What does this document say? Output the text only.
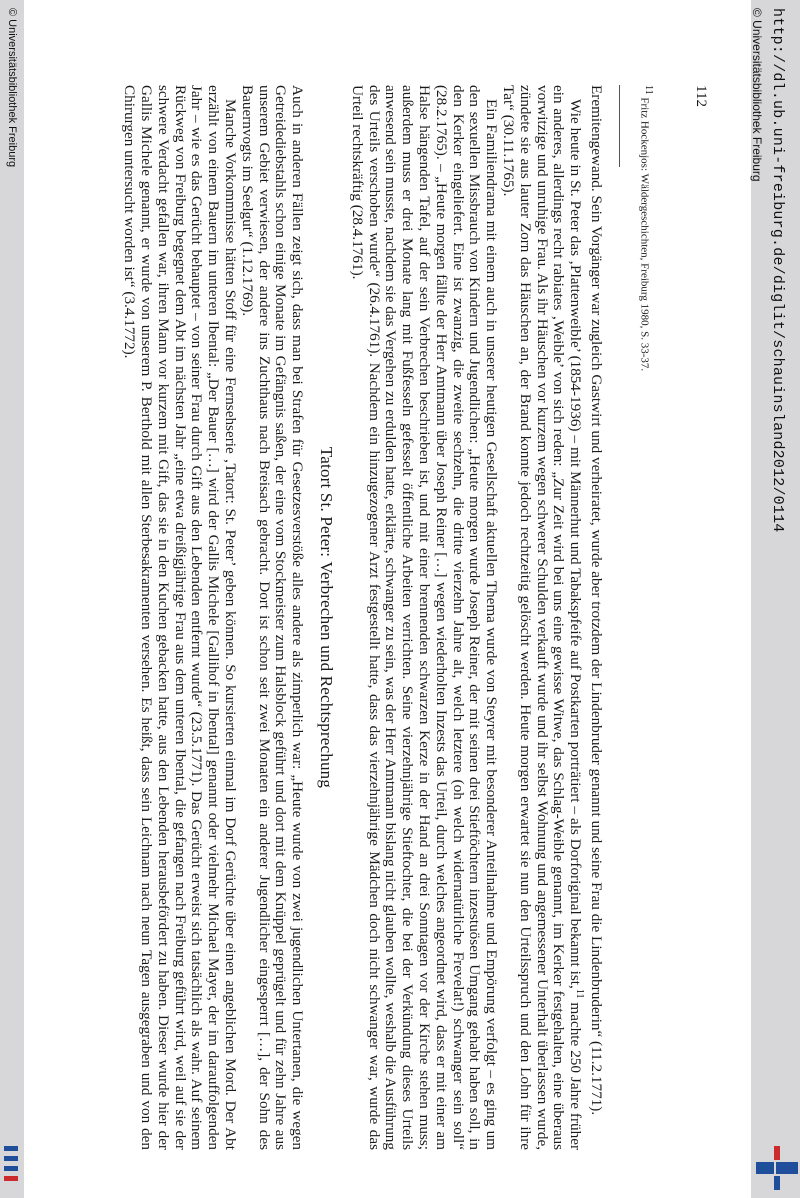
http://dl.ub.uni-freiburg.de/diglit/schauinsland2012/0114
© Universitätsbibliothek Freiburg
112
11 Fritz Hockenjos: Wäldergeschichten, Freiburg 1980, S. 33-37.

Eremitengewand. Sein Vorgänger war zugleich Gastwirt und verheiratet, wurde aber trotzdem der Lindenbruder genannt und seine Frau die Lindenbruderin“ (11.2.1771).

Wie heute in St. Peter das ‚Plattenweible’ (1854-1936) – mit Männerhut und Tabakspfeife auf Postkarten porträtiert – als Dorforiginal bekannt ist,$^{11}$ machte 250 Jahre früher ein anderes, allerdings recht rabiates ‚Weible’ von sich reden: „Zur Zeit wird bei uns eine gewisse Witwe, das Schlag-Weible genannt, im Kerker festgehalten, eine überaus vorwitzige und unruhige Frau. Als ihr Häuschen vor kurzem wegen schwerer Schulden verkauft wurde und ihr selbst Wohnung und angemessener Unterhalt überlassen wurde, zündete sie aus lauter Zorn das Häuschen an, der Brand konnte jedoch rechtzeitig gelöscht werden. Heute morgen erwartet sie nun den Urteilsspruch und den Lohn für ihre Tat“ (30.11.1765).

Ein Familiendrama mit einem auch in unserer heutigen Gesellschaft aktuellen Thema wurde von Steyrer mit besonderer Anteilnahme und Empörung verfolgt – es ging um den sexuellen Missbrauch von Kindern und Jugendlichen: „Heute morgen wurde Joseph Reiner, der mit seinen drei Stieftöchtern inzestuösen Umgang gehabt haben soll, in den Kerker eingeliefert. Eine ist zwanzig, die zweite sechzehn, die dritte vierzehn Jahre alt, welch letztere (oh welch widernatürliche Frevelat!) schwanger sein soll“ (28.2.1765). – „Heute morgen fällte der Herr Amtmann über Joseph Reiner […] wegen wiederholten Inzests das Urteil, durch welches angeordnet wird, dass er mit einer am Halse hängenden Tafel, auf der sein Verbrechen beschrieben ist, und mit einer brennenden schwarzen Kerze in der Hand an drei Sonntagen vor der Kirche stehen muss; außerdem muss er drei Monate lang mit Fußfesseln gefesselt öffentliche Arbeiten verrichten. Seine vierzehnjährige Stieftochter, die bei der Verkündung dieses Urteils anwesend sein musste, nachdem sie das Vergehen zu erdulden hatte, erklärte, schwanger zu sein, was der Herr Amtmann bislang nicht glauben wollte, weshalb die Ausführung des Urteils verschoben wurde“ (26.4.1761). Nachdem ein hinzugezogener Arzt festgestellt hatte, dass das vierzehnjährige Mädchen doch nicht schwanger war, wurde das Urteil rechtskräftig (28.4.1761).

Tatort St. Peter: Verbrechen und Rechtsprechung

Auch in anderen Fällen zeigt sich, dass man bei Strafen für Gesetzesverstöße alles andere als zimperlich war: „Heute wurde von zwei jugendlichen Untertanen, die wegen Getreidediebstahls schon einige Monate im Gefängnis saßen, der eine vom Stockmeister zum Halsblock geführt und dort mit dem Knüppel geprügelt und für zehn Jahre aus unserem Gebiet verwiesen, der andere ins Zuchthaus nach Breisach gebracht. Dort ist schon seit zwei Monaten ein anderer Jugendlicher eingesperrt […], der Sohn des Bauernvogts im Seelgut“ (1.12.1769).

Manche Vorkommnisse hätten Stoff für eine Fernsehserie ‚Tatort: St. Peter’ geben können. So kursierten einmal im Dorf Gerüchte über einen angeblichen Mord. Der Abt erzählt von einem Bauern im unteren Ibental: „Der Bauer […] wird der Gallis Michele [Gallihof in Ibental] genannt oder vielmehr Michael Mayer, der im darauffolgenden Jahr – wie es das Gerücht behauptet – von seiner Frau durch Gift aus den Lebenden entfernt wurde“ (23.5.1771). Das Gerücht erweist sich tatsächlich als wahr. Auf seinem Rückweg von Freiburg begegnet dem Abt im nächsten Jahr „eine etwa dreißigjährige Frau aus dem unteren Ibental, die gefangen nach Freiburg geführt wird, weil auf sie der schwere Verdacht gefallen war, ihren Mann vor kurzem mit Gift, das sie in den Kuchen gebacken hatte, aus den Lebenden herausbefördert zu haben. Dieser wurde hier der Gallis Michele genannt, er wurde von unserem P. Berthold mit allen Sterbesakramenten versehen. Es heißt, dass sein Leichnam nach neun Tagen ausgegraben und von den Chirurgen untersucht worden ist“ (3.4.1772).

© Universitätsbibliothek Freiburg
